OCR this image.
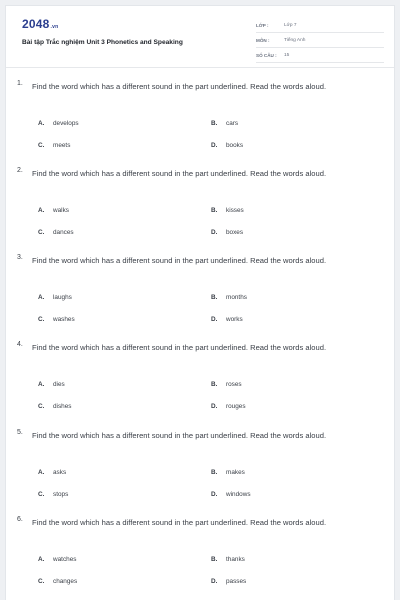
2048.vn
Bài tập Trắc nghiệm Unit 3 Phonetics and Speaking
LỚP :	Lớp 7
MÔN :	Tiếng Anh
SỐ CÂU :	15
1.	Find the word which has a different sound in the part underlined. Read the words aloud.
A.	develops	B.	cars
C.	meets	D.	books
2.	Find the word which has a different sound in the part underlined. Read the words aloud.
A.	walks	B.	kisses
C.	dances	D.	boxes
3.	Find the word which has a different sound in the part underlined. Read the words aloud.
A.	laughs	B.	months
C.	washes	D.	works
4.	Find the word which has a different sound in the part underlined. Read the words aloud.
A.	dies	B.	roses
C.	dishes	D.	rouges
5.	Find the word which has a different sound in the part underlined. Read the words aloud.
A.	asks	B.	makes
C.	stops	D.	windows
6.	Find the word which has a different sound in the part underlined. Read the words aloud.
A.	watches	B.	thanks
C.	changes	D.	passes
